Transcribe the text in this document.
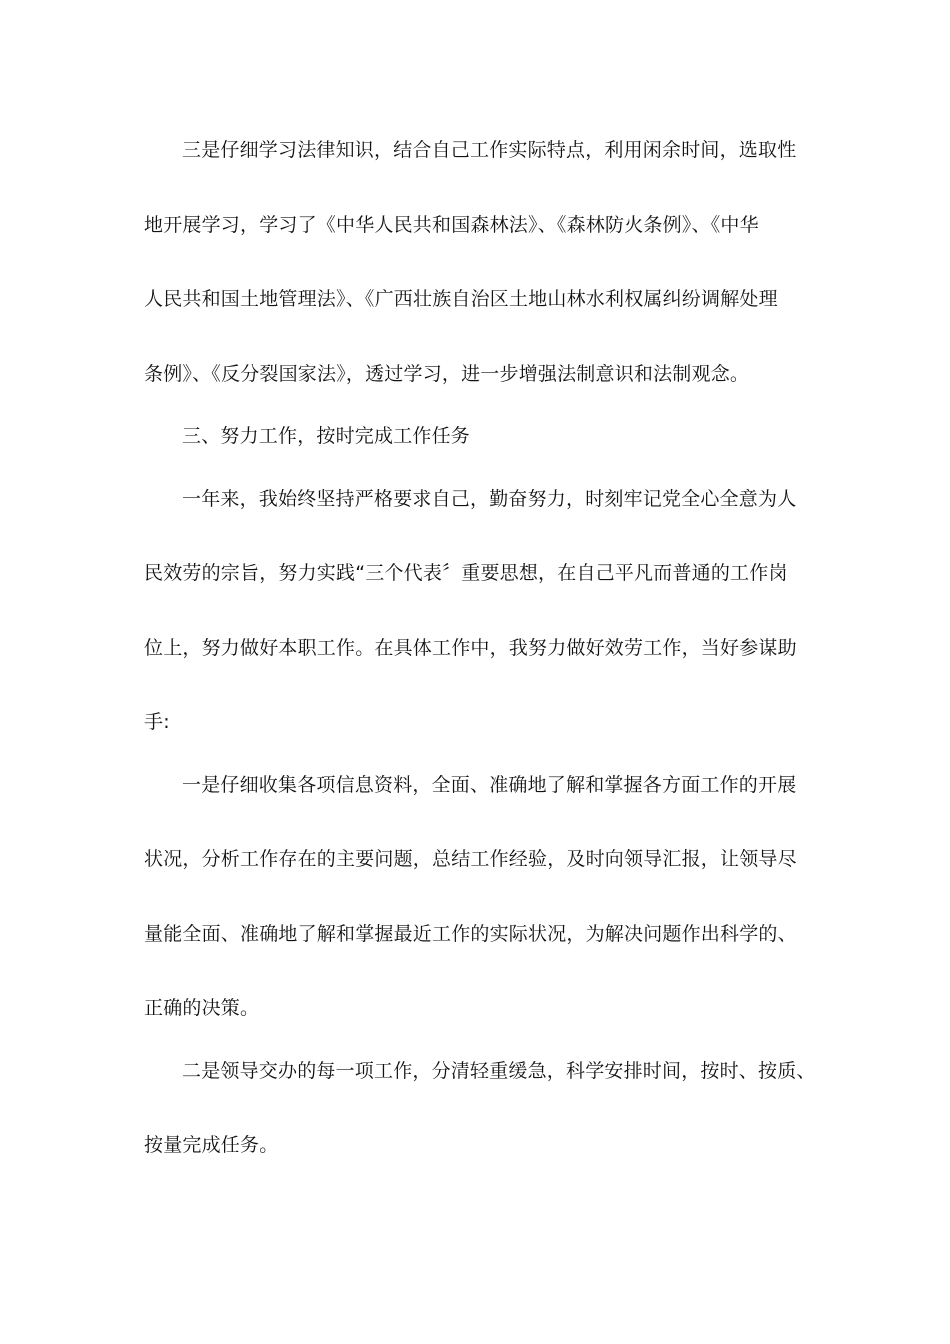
三是仔细学习法律知识，结合自己工作实际特点，利用闲余时间，选取性
地开展学习，学习了《中华人民共和国森林法》、《森林防火条例》、《中华
人民共和国土地管理法》、《广西壮族自治区土地山林水利权属纠纷调解处理
条例》、《反分裂国家法》，透过学习，进一步增强法制意识和法制观念。
三、努力工作，按时完成工作任务
一年来，我始终坚持严格要求自己，勤奋努力，时刻牢记党全心全意为人
民效劳的宗旨，努力实践“三个代表〞重要思想，在自己平凡而普通的工作岗
位上，努力做好本职工作。在具体工作中，我努力做好效劳工作，当好参谋助
手:
一是仔细收集各项信息资料，全面、准确地了解和掌握各方面工作的开展
状况，分析工作存在的主要问题，总结工作经验，及时向领导汇报，让领导尽
量能全面、准确地了解和掌握最近工作的实际状况，为解决问题作出科学的、
正确的决策。
二是领导交办的每一项工作，分清轻重缓急，科学安排时间，按时、按质、
按量完成任务。
